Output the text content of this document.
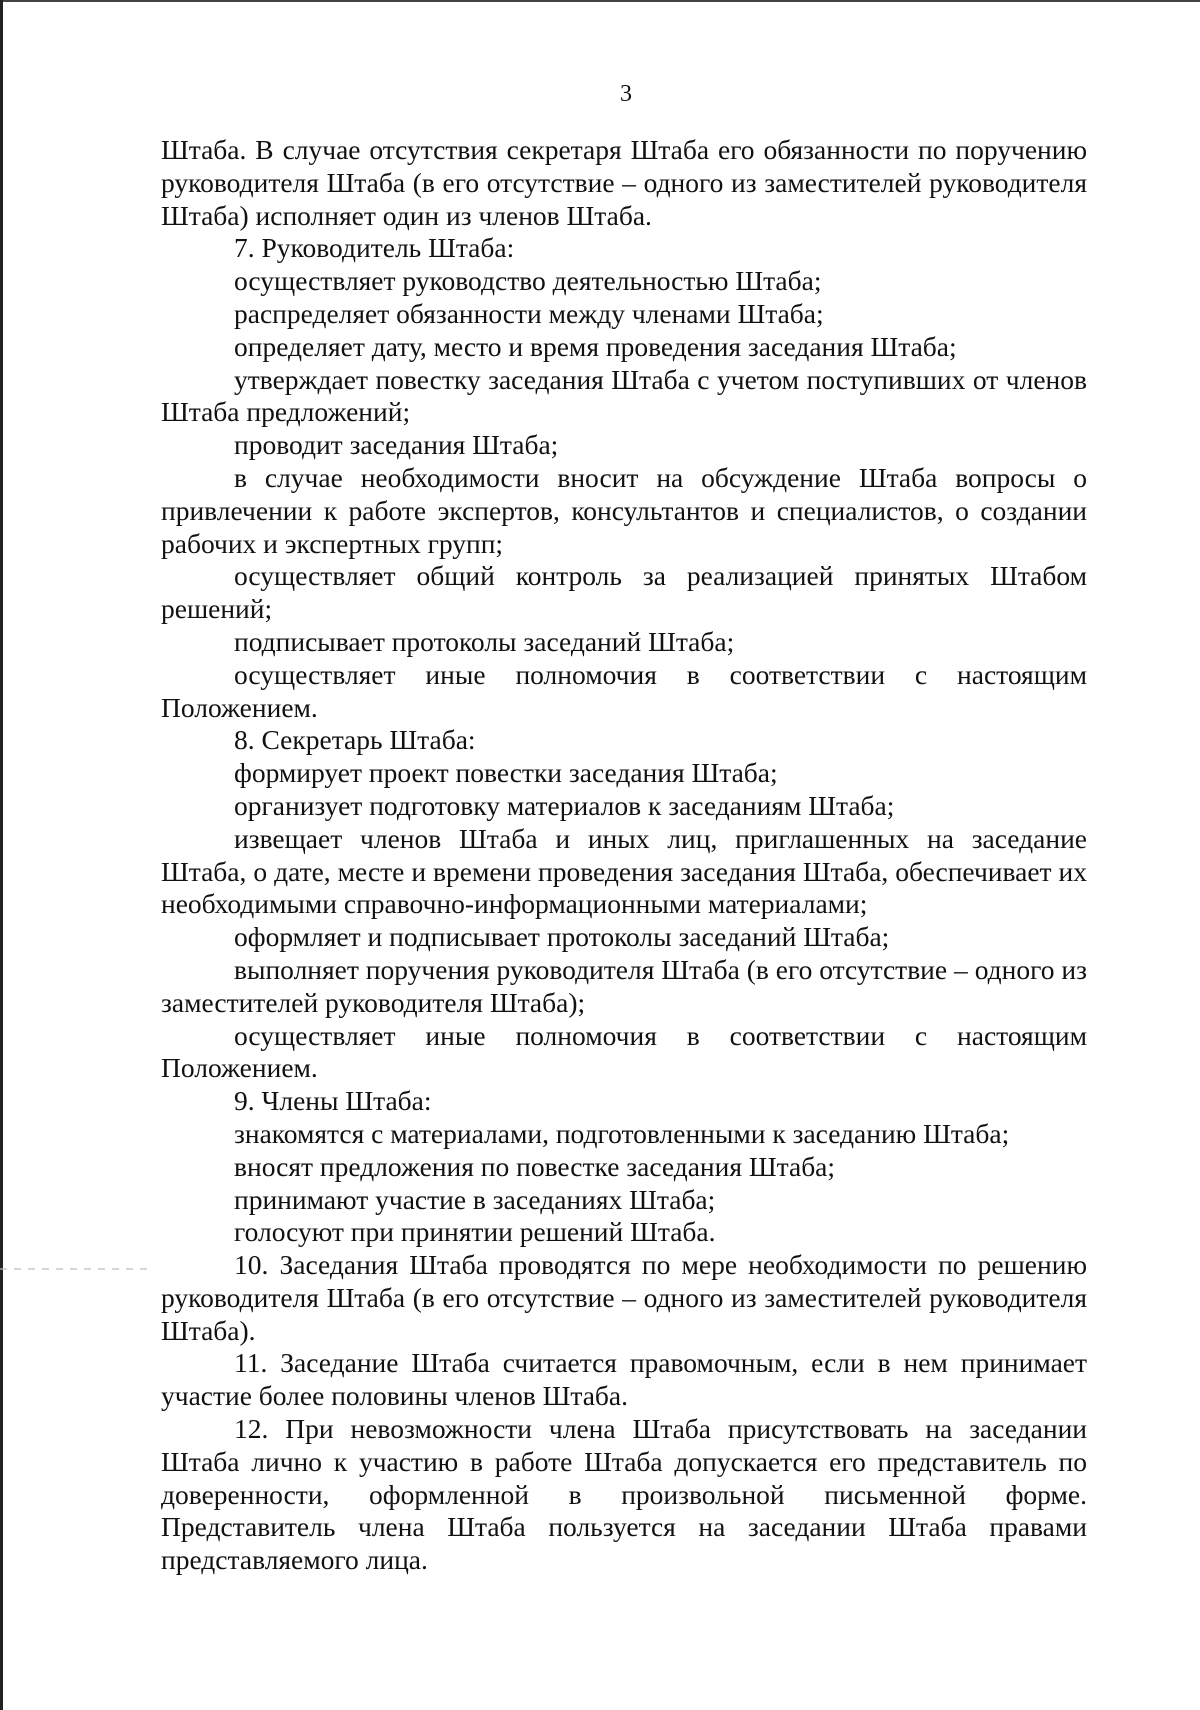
3

Штаба. В случае отсутствия секретаря Штаба его обязанности по поручению руководителя Штаба (в его отсутствие – одного из заместителей руководителя Штаба) исполняет один из членов Штаба.

7. Руководитель Штаба:

осуществляет руководство деятельностью Штаба;

распределяет обязанности между членами Штаба;

определяет дату, место и время проведения заседания Штаба;

утверждает повестку заседания Штаба с учетом поступивших от членов Штаба предложений;

проводит заседания Штаба;

в случае необходимости вносит на обсуждение Штаба вопросы о привлечении к работе экспертов, консультантов и специалистов, о создании рабочих и экспертных групп;

осуществляет общий контроль за реализацией принятых Штабом решений;

подписывает протоколы заседаний Штаба;

осуществляет иные полномочия в соответствии с настоящим Положением.

8. Секретарь Штаба:

формирует проект повестки заседания Штаба;

организует подготовку материалов к заседаниям Штаба;

извещает членов Штаба и иных лиц, приглашенных на заседание Штаба, о дате, месте и времени проведения заседания Штаба, обеспечивает их необходимыми справочно-информационными материалами;

оформляет и подписывает протоколы заседаний Штаба;

выполняет поручения руководителя Штаба (в его отсутствие – одного из заместителей руководителя Штаба);

осуществляет иные полномочия в соответствии с настоящим Положением.

9. Члены Штаба:

знакомятся с материалами, подготовленными к заседанию Штаба;

вносят предложения по повестке заседания Штаба;

принимают участие в заседаниях Штаба;

голосуют при принятии решений Штаба.

10. Заседания Штаба проводятся по мере необходимости по решению руководителя Штаба (в его отсутствие – одного из заместителей руководителя Штаба).

11. Заседание Штаба считается правомочным, если в нем принимает участие более половины членов Штаба.

12. При невозможности члена Штаба присутствовать на заседании Штаба лично к участию в работе Штаба допускается его представитель по доверенности, оформленной в произвольной письменной форме. Представитель члена Штаба пользуется на заседании Штаба правами представляемого лица.
